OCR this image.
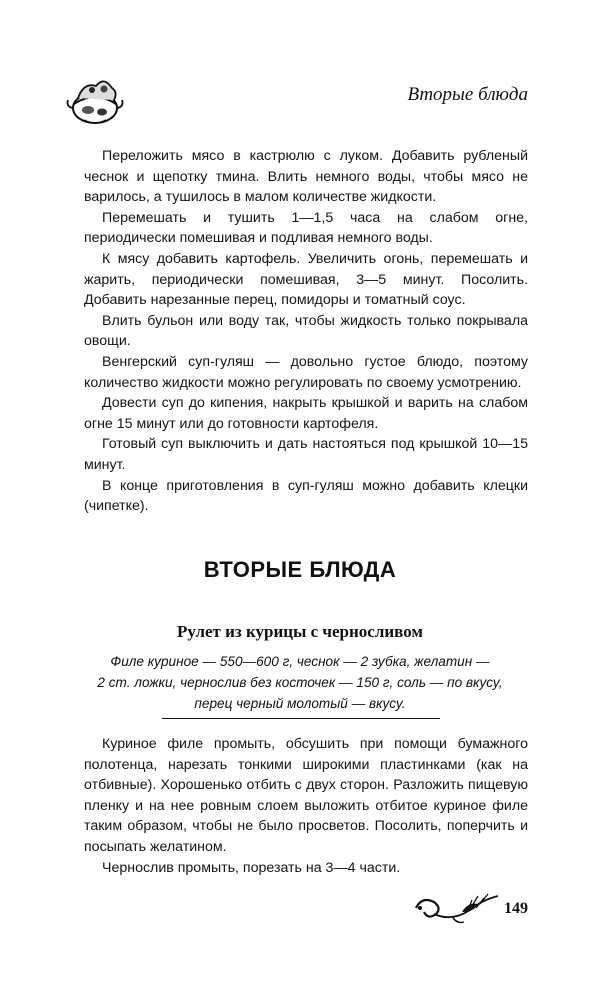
Вторые блюда

Переложить мясо в кастрюлю с луком. Добавить рубленый чеснок и щепотку тмина. Влить немного воды, чтобы мясо не варилось, а тушилось в малом количестве жидкости.

Перемешать и тушить 1—1,5 часа на слабом огне, периодически помешивая и подливая немного воды.

К мясу добавить картофель. Увеличить огонь, перемешать и жарить, периодически помешивая, 3—5 минут. Посолить. Добавить нарезанные перец, помидоры и томатный соус.

Влить бульон или воду так, чтобы жидкость только покрывала овощи.

Венгерский суп-гуляш — довольно густое блюдо, поэтому количество жидкости можно регулировать по своему усмотрению.

Довести суп до кипения, накрыть крышкой и варить на слабом огне 15 минут или до готовности картофеля.

Готовый суп выключить и дать настояться под крышкой 10—15 минут.

В конце приготовления в суп-гуляш можно добавить клецки (чипетке).

ВТОРЫЕ БЛЮДА
Рулет из курицы с черносливом
Филе куриное — 550—600 г, чеснок — 2 зубка, желатин —
2 ст. ложки, чернослив без косточек — 150 г, соль — по вкусу,
перец черный молотый — вкусу.

Куриное филе промыть, обсушить при помощи бумажного полотенца, нарезать тонкими широкими пластинками (как на отбивные). Хорошенько отбить с двух сторон. Разложить пищевую пленку и на нее ровным слоем выложить отбитое куриное филе таким образом, чтобы не было просветов. Посолить, поперчить и посыпать желатином.

Чернослив промыть, порезать на 3—4 части.

149
